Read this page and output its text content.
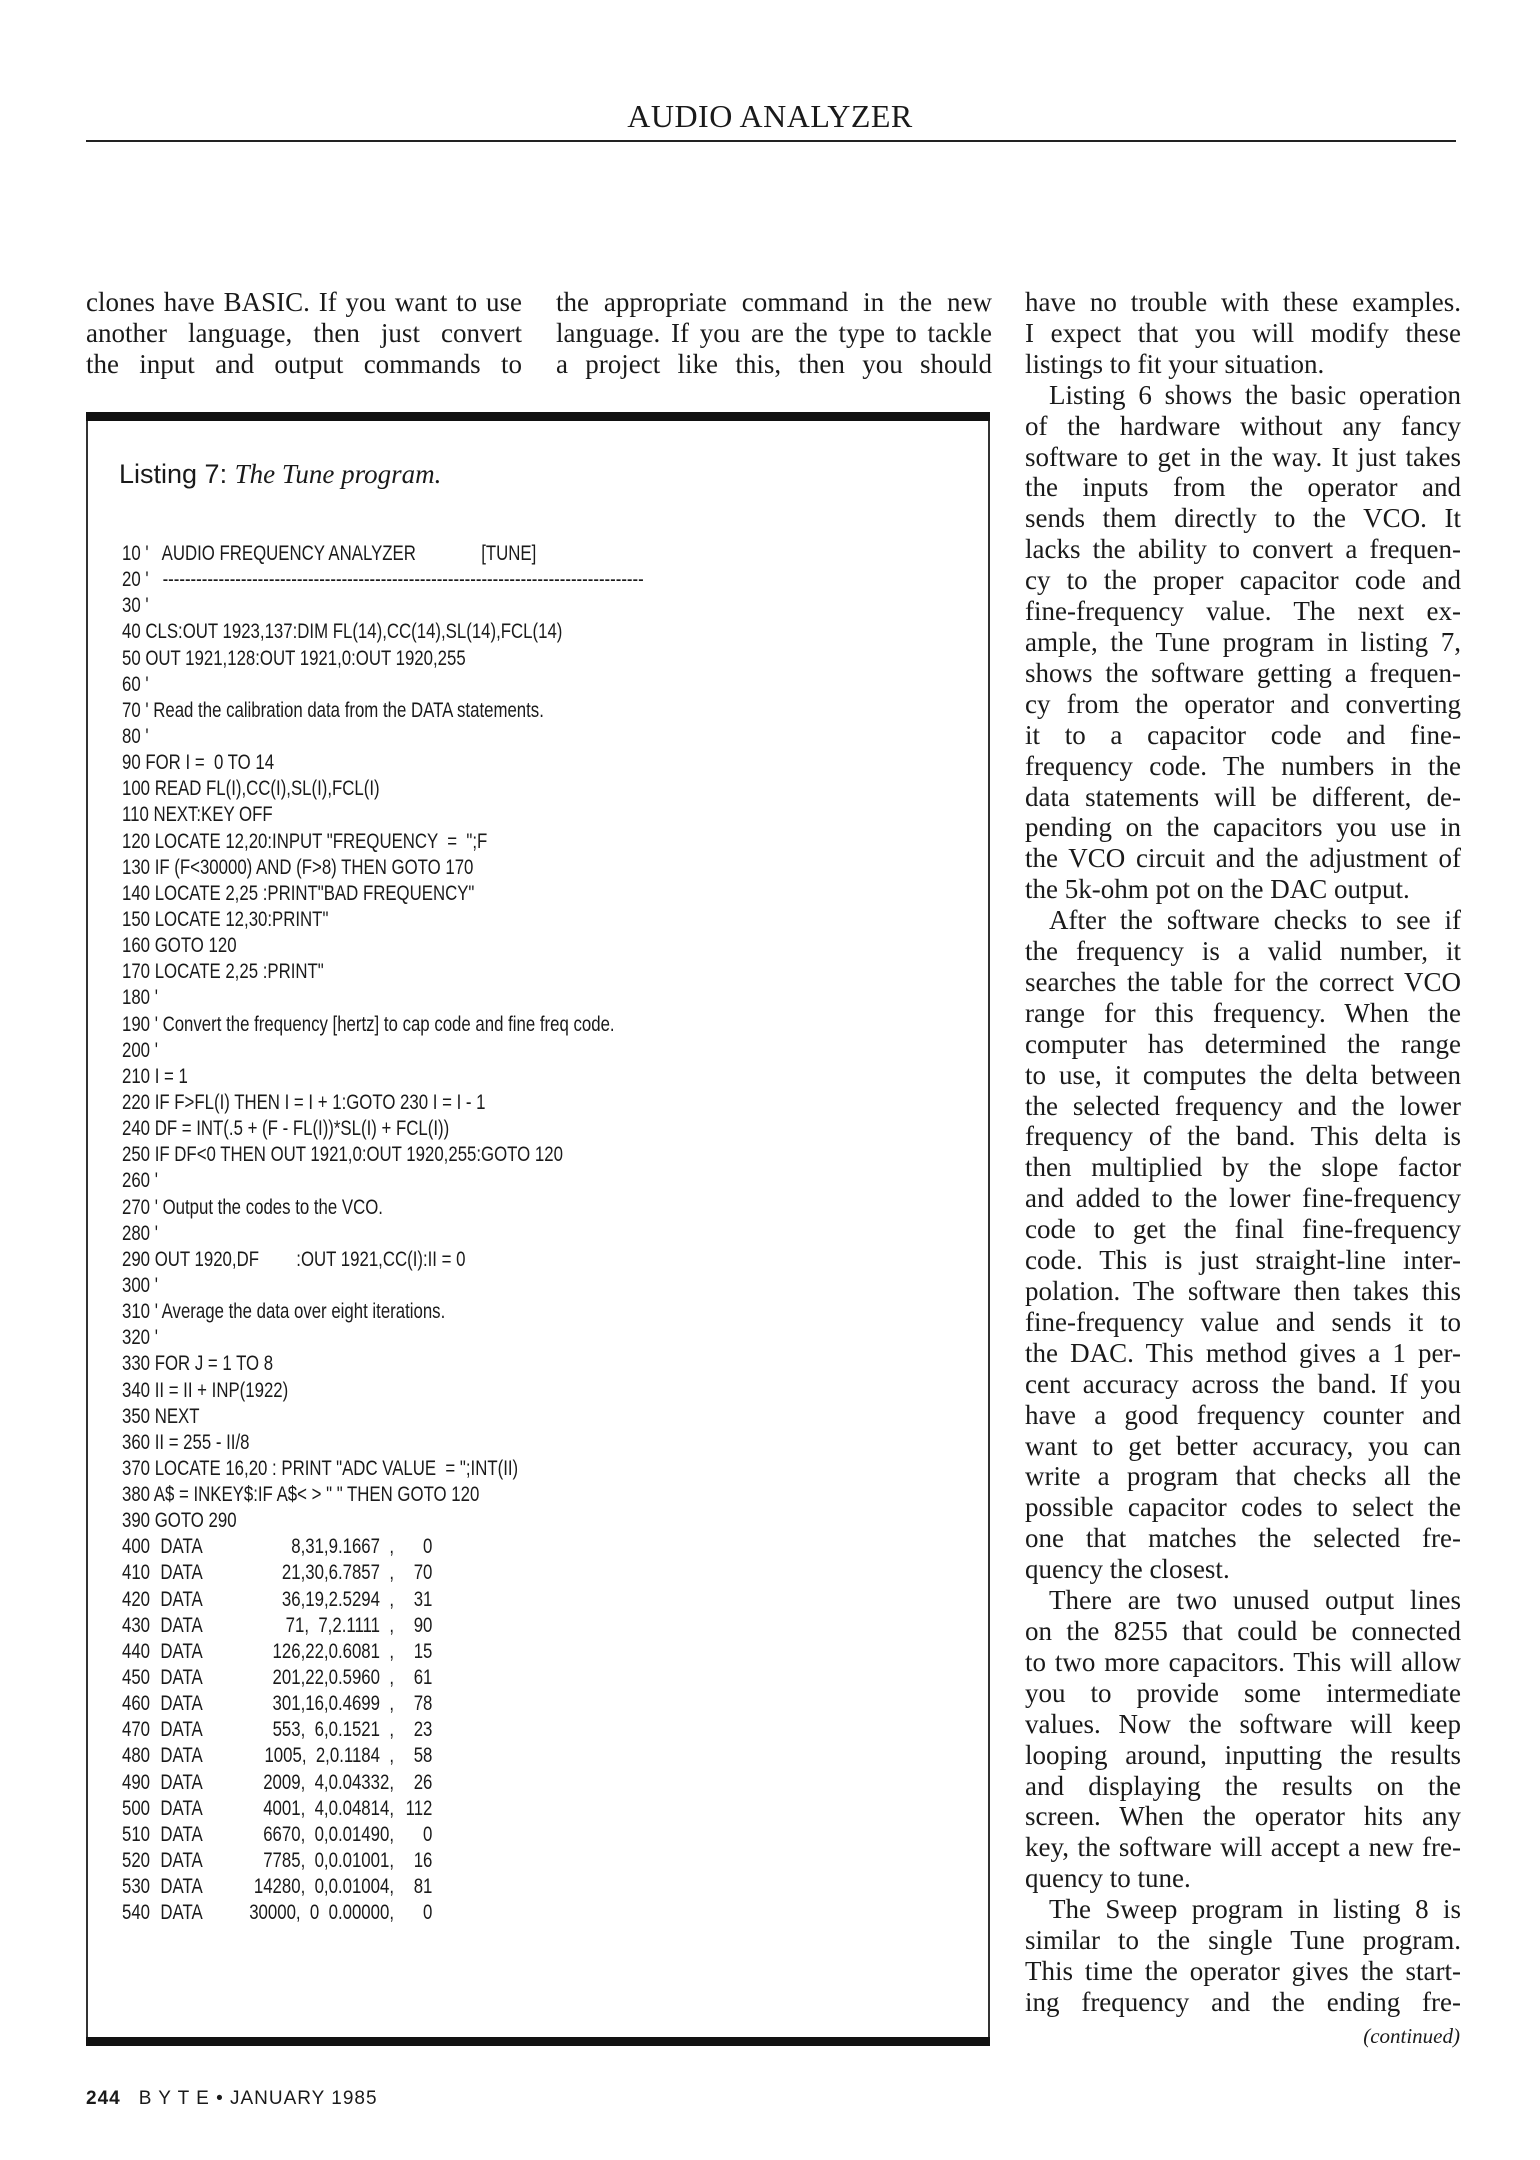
AUDIO ANALYZER
clones have BASIC. If you want to use
another language, then just convert
the input and output commands to
the appropriate command in the new
language. If you are the type to tackle
a project like this, then you should
Listing 7: The Tune program.
10 '   AUDIO FREQUENCY ANALYZER              [TUNE]
20 '   --------------------------------------------------------------------------------------
30 '
40 CLS:OUT 1923,137:DIM FL(14),CC(14),SL(14),FCL(14)
50 OUT 1921,128:OUT 1921,0:OUT 1920,255
60 '
70 ' Read the calibration data from the DATA statements.
80 '
90 FOR I =  0 TO 14
100 READ FL(I),CC(I),SL(I),FCL(I)
110 NEXT:KEY OFF
120 LOCATE 12,20:INPUT "FREQUENCY  =  ";F
130 IF (F<30000) AND (F>8) THEN GOTO 170
140 LOCATE 2,25 :PRINT"BAD FREQUENCY"
150 LOCATE 12,30:PRINT"
160 GOTO 120
170 LOCATE 2,25 :PRINT"
180 '
190 ' Convert the frequency [hertz] to cap code and fine freq code.
200 '
210 I = 1
220 IF F>FL(I) THEN I = I + 1:GOTO 230 I = I - 1
240 DF = INT(.5 + (F - FL(I))*SL(I) + FCL(I))
250 IF DF<0 THEN OUT 1921,0:OUT 1920,255:GOTO 120
260 '
270 ' Output the codes to the VCO.
280 '
290 OUT 1920,DF        :OUT 1921,CC(I):II = 0
300 '
310 ' Average the data over eight iterations.
320 '
330 FOR J = 1 TO 8
340 II = II + INP(1922)
350 NEXT
360 II = 255 - II/8
370 LOCATE 16,20 : PRINT "ADC VALUE  = ";INT(II)
380 A$ = INKEY$:IF A$< > " " THEN GOTO 120
390 GOTO 290
400 DATA	8,31,9.1667  ,	0
410 DATA	21,30,6.7857  , 70
420 DATA	36,19,2.5294  , 31
430 DATA	71,  7,2.1111  , 90
440 DATA	126,22,0.6081  , 15
450 DATA	201,22,0.5960  , 61
460 DATA	301,16,0.4699  , 78
470 DATA	553,  6,0.1521  , 23
480 DATA	1005,  2,0.1184  , 58
490 DATA	2009,  4,0.04332, 26
500 DATA	4001,  4,0.04814, 112
510 DATA	6670,  0,0.01490,	0
520 DATA	7785,  0,0.01001, 16
530 DATA	14280,  0,0.01004, 81
540 DATA	30000,  0  0.00000,	0
have no trouble with these examples.
I expect that you will modify these
listings to fit your situation.
Listing 6 shows the basic operation
of the hardware without any fancy
software to get in the way. It just takes
the inputs from the operator and
sends them directly to the VCO. It
lacks the ability to convert a frequen-
cy to the proper capacitor code and
fine-frequency value. The next ex-
ample, the Tune program in listing 7,
shows the software getting a frequen-
cy from the operator and converting
it to a capacitor code and fine-
frequency code. The numbers in the
data statements will be different, de-
pending on the capacitors you use in
the VCO circuit and the adjustment of
the 5k-ohm pot on the DAC output.
After the software checks to see if
the frequency is a valid number, it
searches the table for the correct VCO
range for this frequency. When the
computer has determined the range
to use, it computes the delta between
the selected frequency and the lower
frequency of the band. This delta is
then multiplied by the slope factor
and added to the lower fine-frequency
code to get the final fine-frequency
code. This is just straight-line inter-
polation. The software then takes this
fine-frequency value and sends it to
the DAC. This method gives a 1 per-
cent accuracy across the band. If you
have a good frequency counter and
want to get better accuracy, you can
write a program that checks all the
possible capacitor codes to select the
one that matches the selected fre-
quency the closest.
There are two unused output lines
on the 8255 that could be connected
to two more capacitors. This will allow
you to provide some intermediate
values. Now the software will keep
looping around, inputting the results
and displaying the results on the
screen. When the operator hits any
key, the software will accept a new fre-
quency to tune.
The Sweep program in listing 8 is
similar to the single Tune program.
This time the operator gives the start-
ing frequency and the ending fre-
(continued)
244 B Y T E • JANUARY 1985
